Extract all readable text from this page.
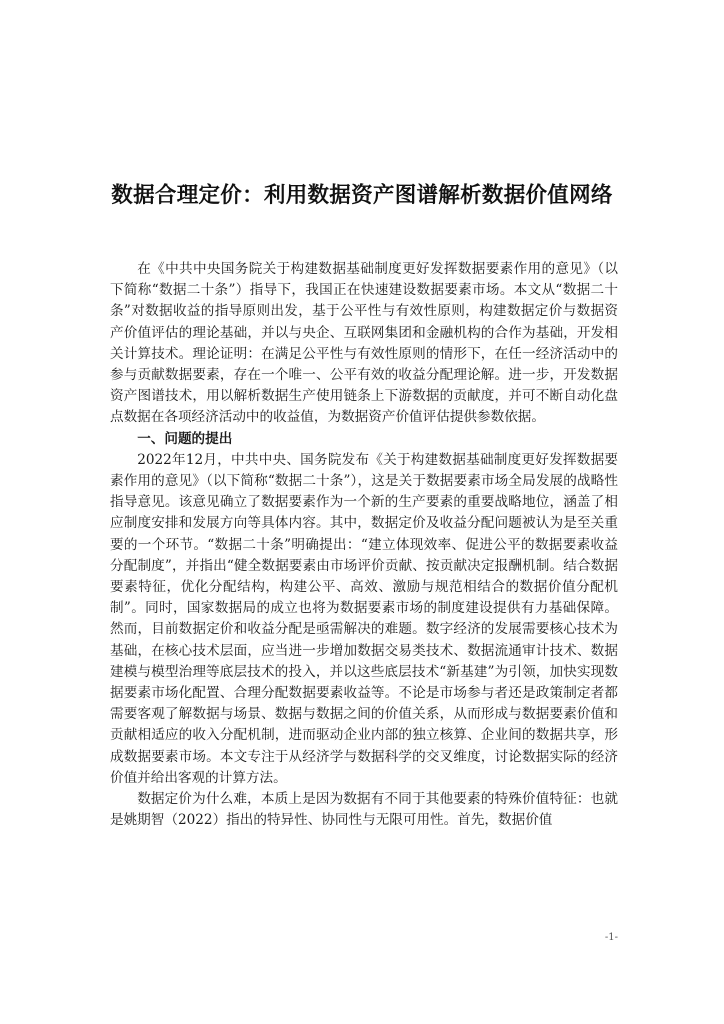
数据合理定价：利用数据资产图谱解析数据价值网络

在《中共中央国务院关于构建数据基础制度更好发挥数据要素作用的意见》（以下简称“数据二十条”）指导下，我国正在快速建设数据要素市场。本文从“数据二十条”对数据收益的指导原则出发，基于公平性与有效性原则，构建数据定价与数据资产价值评估的理论基础，并以与央企、互联网集团和金融机构的合作为基础，开发相关计算技术。理论证明：在满足公平性与有效性原则的情形下，在任一经济活动中的参与贡献数据要素，存在一个唯一、公平有效的收益分配理论解。进一步，开发数据资产图谱技术，用以解析数据生产使用链条上下游数据的贡献度，并可不断自动化盘点数据在各项经济活动中的收益值，为数据资产价值评估提供参数依据。

一、问题的提出

2022年12月，中共中央、国务院发布《关于构建数据基础制度更好发挥数据要素作用的意见》（以下简称“数据二十条”），这是关于数据要素市场全局发展的战略性指导意见。该意见确立了数据要素作为一个新的生产要素的重要战略地位，涵盖了相应制度安排和发展方向等具体内容。其中，数据定价及收益分配问题被认为是至关重要的一个环节。“数据二十条”明确提出：“建立体现效率、促进公平的数据要素收益分配制度”，并指出“健全数据要素由市场评价贡献、按贡献决定报酬机制。结合数据要素特征，优化分配结构，构建公平、高效、激励与规范相结合的数据价值分配机制”。同时，国家数据局的成立也将为数据要素市场的制度建设提供有力基础保障。然而，目前数据定价和收益分配是亟需解决的难题。数字经济的发展需要核心技术为基础，在核心技术层面，应当进一步增加数据交易类技术、数据流通审计技术、数据建模与模型治理等底层技术的投入，并以这些底层技术“新基建”为引领，加快实现数据要素市场化配置、合理分配数据要素收益等。不论是市场参与者还是政策制定者都需要客观了解数据与场景、数据与数据之间的价值关系，从而形成与数据要素价值和贡献相适应的收入分配机制，进而驱动企业内部的独立核算、企业间的数据共享，形成数据要素市场。本文专注于从经济学与数据科学的交叉维度，讨论数据实际的经济价值并给出客观的计算方法。

数据定价为什么难，本质上是因为数据有不同于其他要素的特殊价值特征：也就是姚期智（2022）指出的特异性、协同性与无限可用性。首先，数据价值

-1-
